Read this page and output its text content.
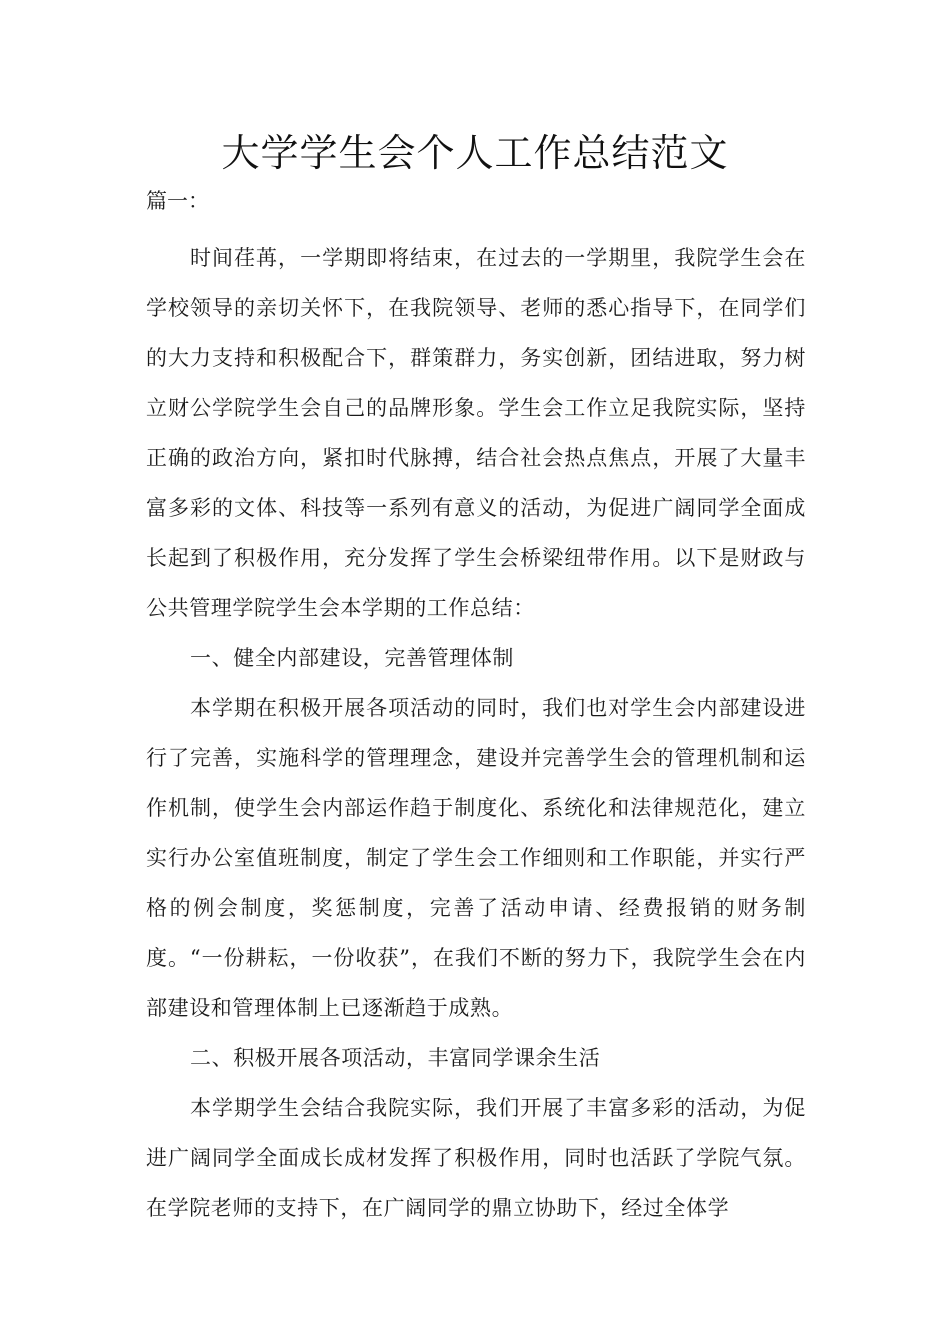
大学学生会个人工作总结范文

篇一：

时间荏苒，一学期即将结束，在过去的一学期里，我院学生会在学校领导的亲切关怀下，在我院领导、老师的悉心指导下，在同学们的大力支持和积极配合下，群策群力，务实创新，团结进取，努力树立财公学院学生会自己的品牌形象。学生会工作立足我院实际，坚持正确的政治方向，紧扣时代脉搏，结合社会热点焦点，开展了大量丰富多彩的文体、科技等一系列有意义的活动，为促进广阔同学全面成长起到了积极作用，充分发挥了学生会桥梁纽带作用。以下是财政与公共管理学院学生会本学期的工作总结：

一、健全内部建设，完善管理体制

本学期在积极开展各项活动的同时，我们也对学生会内部建设进行了完善，实施科学的管理理念，建设并完善学生会的管理机制和运作机制，使学生会内部运作趋于制度化、系统化和法律规范化，建立实行办公室值班制度，制定了学生会工作细则和工作职能，并实行严格的例会制度，奖惩制度，完善了活动申请、经费报销的财务制度。“一份耕耘，一份收获”，在我们不断的努力下，我院学生会在内部建设和管理体制上已逐渐趋于成熟。

二、积极开展各项活动，丰富同学课余生活

本学期学生会结合我院实际，我们开展了丰富多彩的活动，为促进广阔同学全面成长成材发挥了积极作用，同时也活跃了学院气氛。在学院老师的支持下，在广阔同学的鼎立协助下，经过全体学
